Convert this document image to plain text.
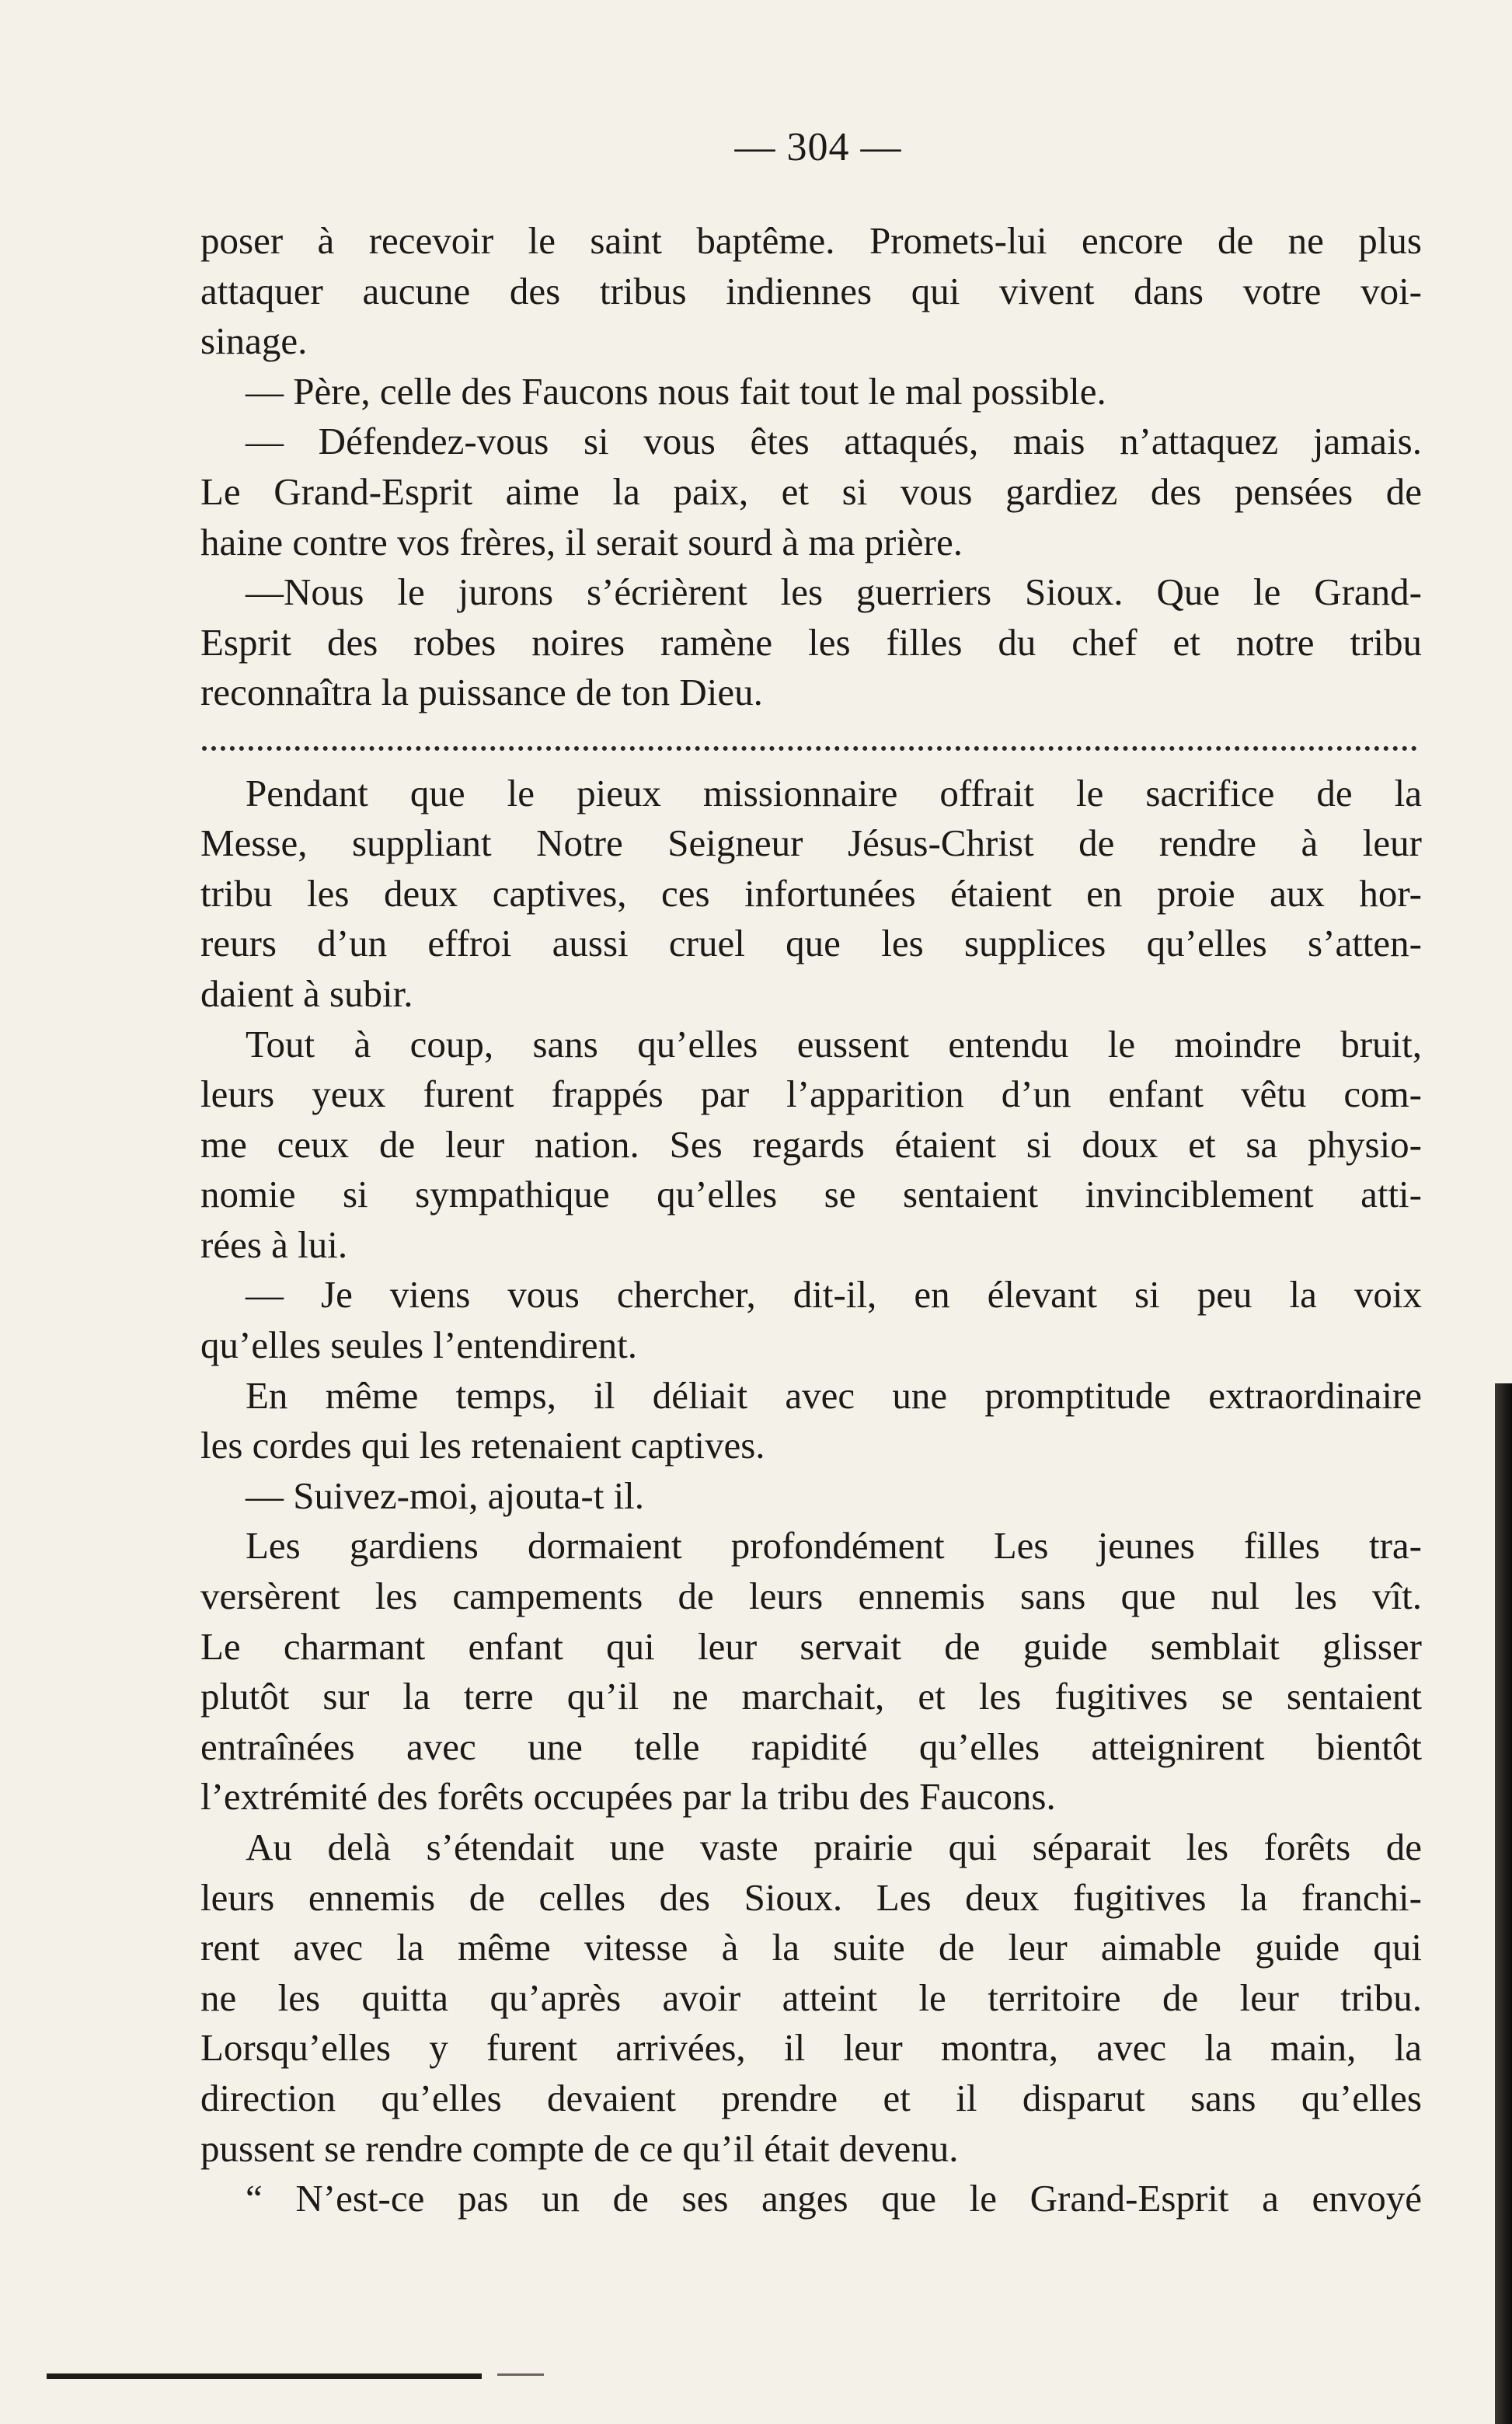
— 304 —
poser à recevoir le saint baptême. Promets-lui encore de ne plus
attaquer aucune des tribus indiennes qui vivent dans votre voi-
sinage.
— Père, celle des Faucons nous fait tout le mal possible.
— Défendez-vous si vous êtes attaqués, mais n’attaquez jamais.
Le Grand-Esprit aime la paix, et si vous gardiez des pensées de
haine contre vos frères, il serait sourd à ma prière.
—Nous le jurons s’écrièrent les guerriers Sioux. Que le Grand-
Esprit des robes noires ramène les filles du chef et notre tribu
reconnaîtra la puissance de ton Dieu.
Pendant que le pieux missionnaire offrait le sacrifice de la
Messe, suppliant Notre Seigneur Jésus-Christ de rendre à leur
tribu les deux captives, ces infortunées étaient en proie aux hor-
reurs d’un effroi aussi cruel que les supplices qu’elles s’atten-
daient à subir.
Tout à coup, sans qu’elles eussent entendu le moindre bruit,
leurs yeux furent frappés par l’apparition d’un enfant vêtu com-
me ceux de leur nation. Ses regards étaient si doux et sa physio-
nomie si sympathique qu’elles se sentaient invinciblement atti-
rées à lui.
— Je viens vous chercher, dit-il, en élevant si peu la voix
qu’elles seules l’entendirent.
En même temps, il déliait avec une promptitude extraordinaire
les cordes qui les retenaient captives.
— Suivez-moi, ajouta-t il.
Les gardiens dormaient profondément Les jeunes filles tra-
versèrent les campements de leurs ennemis sans que nul les vît.
Le charmant enfant qui leur servait de guide semblait glisser
plutôt sur la terre qu’il ne marchait, et les fugitives se sentaient
entraînées avec une telle rapidité qu’elles atteignirent bientôt
l’extrémité des forêts occupées par la tribu des Faucons.
Au delà s’étendait une vaste prairie qui séparait les forêts de
leurs ennemis de celles des Sioux. Les deux fugitives la franchi-
rent avec la même vitesse à la suite de leur aimable guide qui
ne les quitta qu’après avoir atteint le territoire de leur tribu.
Lorsqu’elles y furent arrivées, il leur montra, avec la main, la
direction qu’elles devaient prendre et il disparut sans qu’elles
pussent se rendre compte de ce qu’il était devenu.
“ N’est-ce pas un de ses anges que le Grand-Esprit a envoyé
